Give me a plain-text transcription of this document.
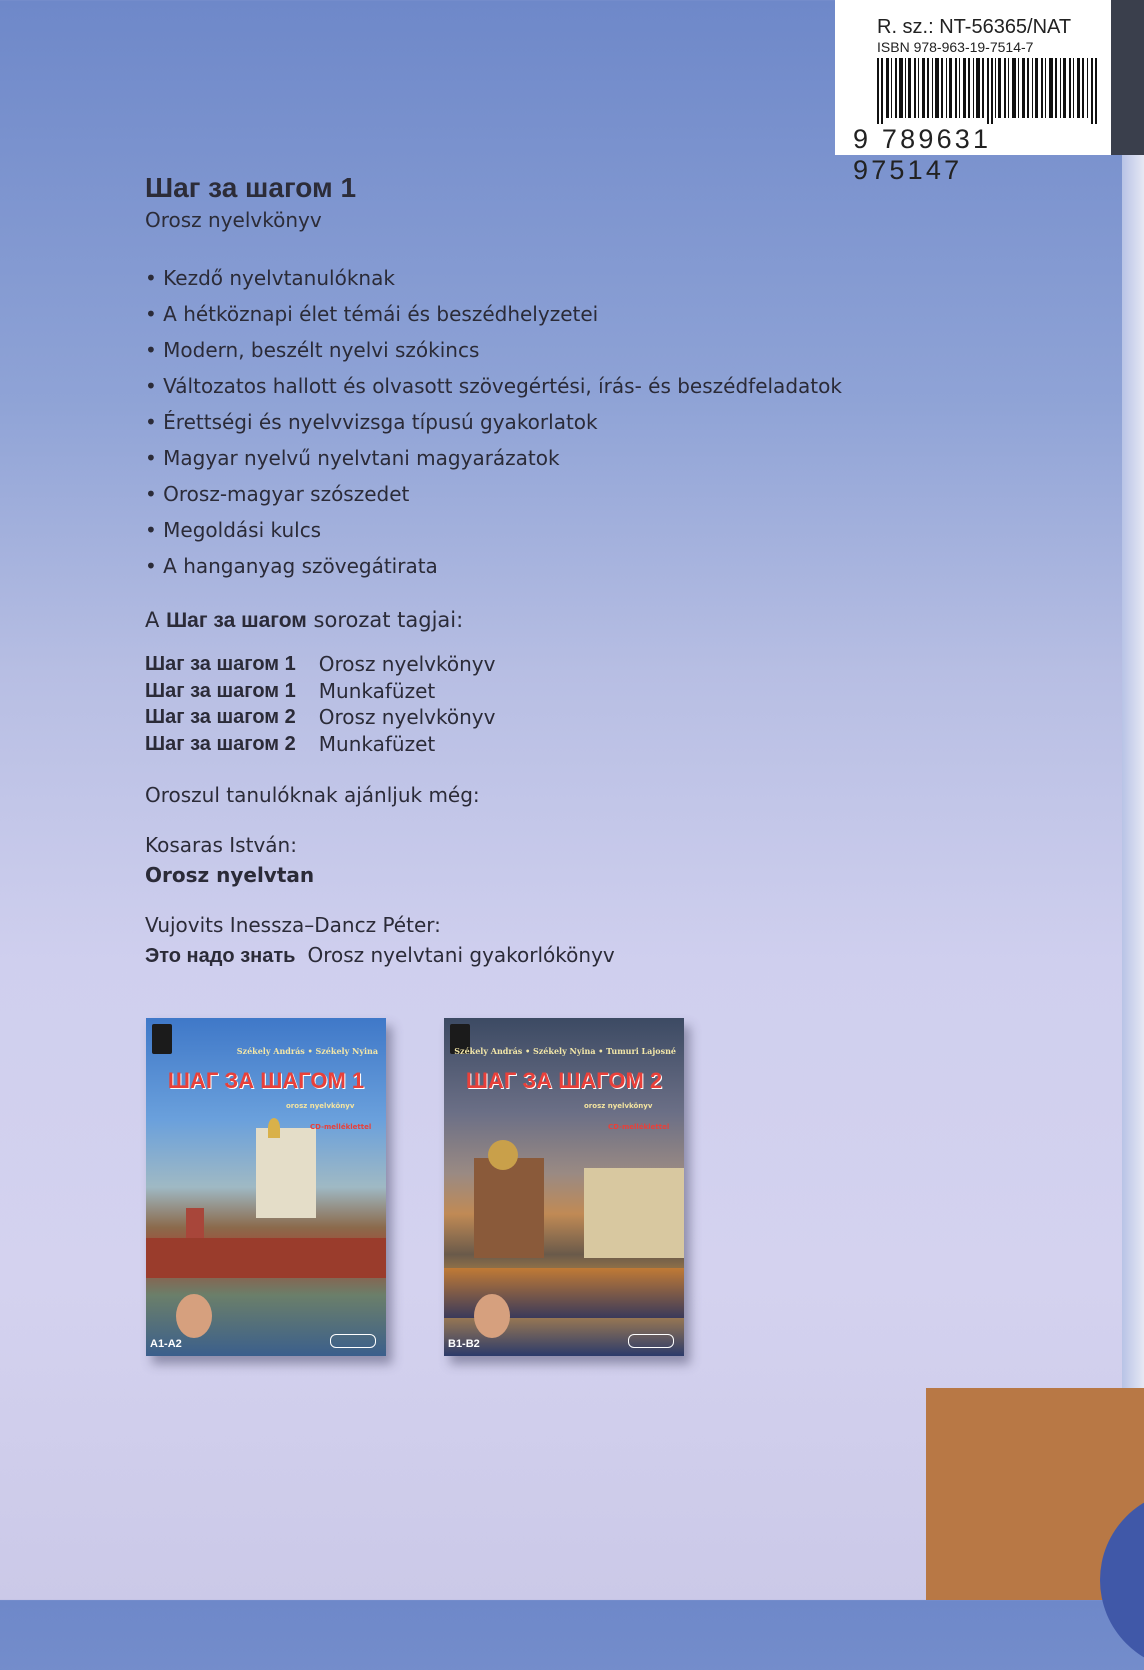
R. sz.: NT-56365/NAT
ISBN 978-963-19-7514-7
9 789631 975147
Шаг за шагом 1
Orosz nyelvkönyv
• Kezdő nyelvtanulóknak
• A hétköznapi élet témái és beszédhelyzetei
• Modern, beszélt nyelvi szókincs
• Változatos hallott és olvasott szövegértési, írás- és beszédfeladatok
• Érettségi és nyelvvizsga típusú gyakorlatok
• Magyar nyelvű nyelvtani magyarázatok
• Orosz-magyar szószedet
• Megoldási kulcs
• A hanganyag szövegátirata
A Шаг за шагом sorozat tagjai:
Шаг за шагом 1	Orosz nyelvkönyv
Шаг за шагом 1	Munkafüzet
Шаг за шагом 2	Orosz nyelvkönyv
Шаг за шагом 2	Munkafüzet
Oroszul tanulóknak ajánljuk még:
Kosaras István:
Orosz nyelvtan
Vujovits Inessza–Dancz Péter:
Это надо знать Orosz nyelvtani gyakorlókönyv
Székely András • Székely Nyina
ШАГ ЗА ШАГОМ 1
orosz nyelvkönyv
CD-melléklettel
A1-A2
Székely András • Székely Nyina • Tumuri Lajosné
ШАГ ЗА ШАГОМ 2
orosz nyelvkönyv
CD-melléklettel
B1-B2
